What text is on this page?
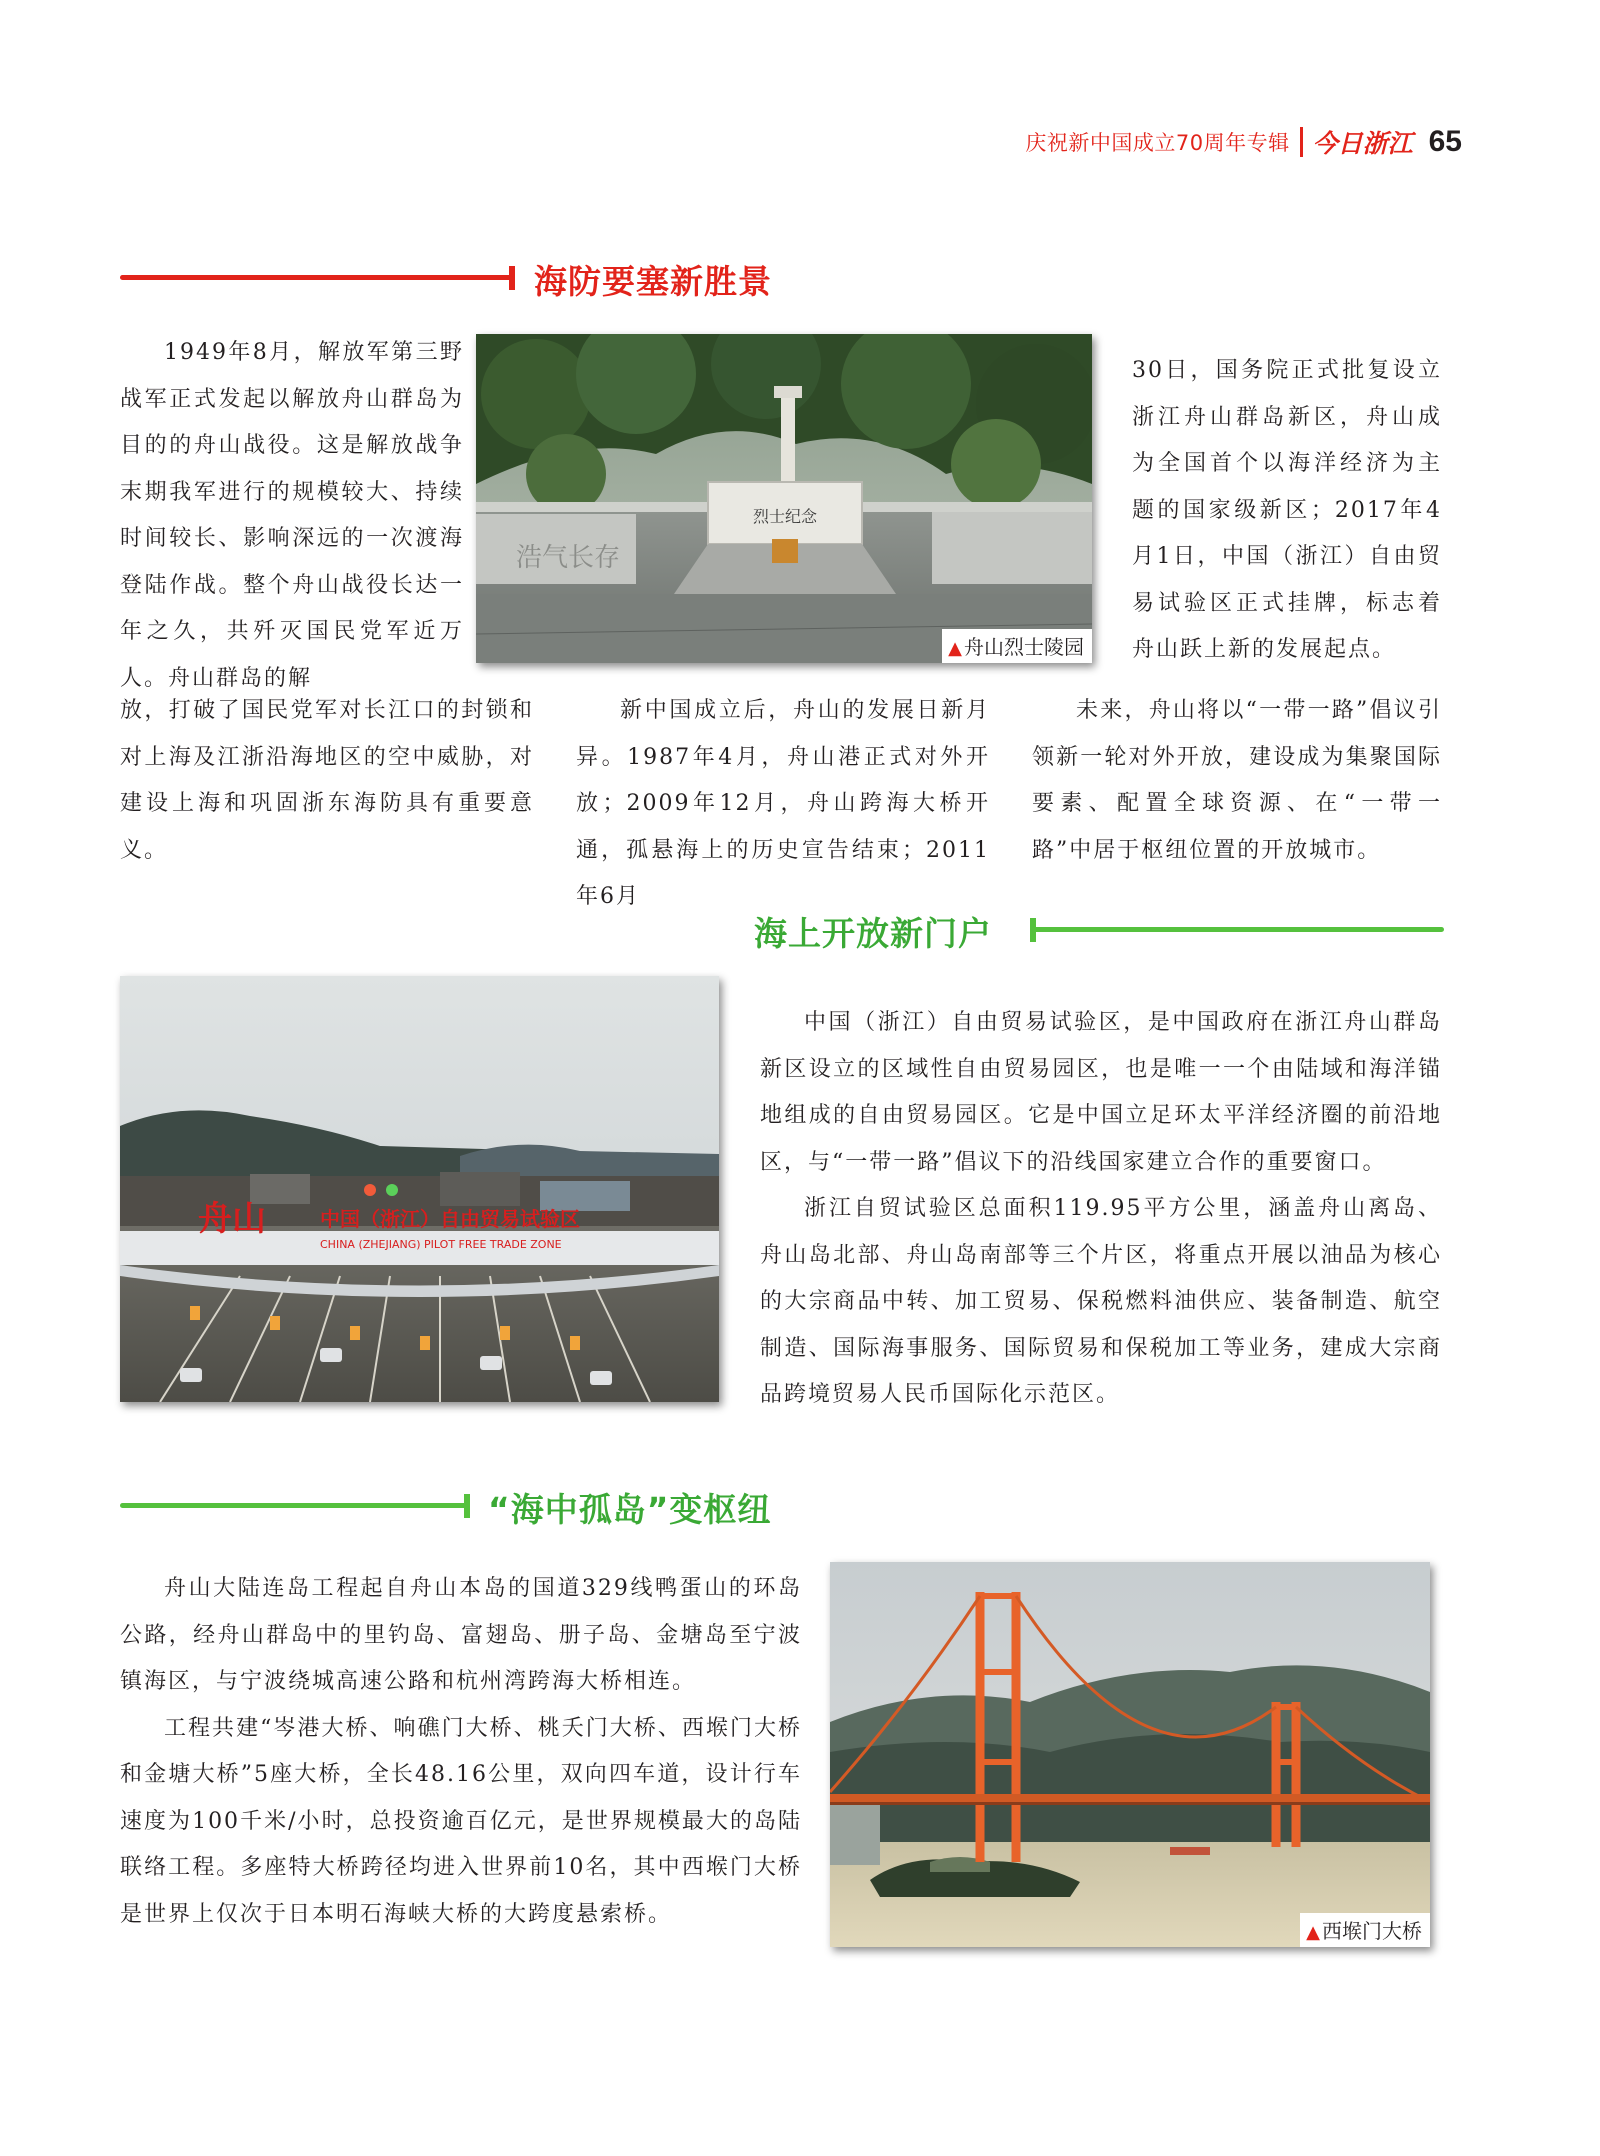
庆祝新中国成立70周年专辑 今日浙江 65
海防要塞新胜景

1949年8月，解放军第三野战军正式发起以解放舟山群岛为目的的舟山战役。这是解放战争末期我军进行的规模较大、持续时间较长、影响深远的一次渡海登陆作战。整个舟山战役长达一年之久，共歼灭国民党军近万人。舟山群岛的解

放，打破了国民党军对长江口的封锁和对上海及江浙沿海地区的空中威胁，对建设上海和巩固浙东海防具有重要意义。

浩气长存
烈士纪念
▲ 舟山烈士陵园

新中国成立后，舟山的发展日新月异。1987年4月，舟山港正式对外开放；2009年12月，舟山跨海大桥开通，孤悬海上的历史宣告结束；2011年6月

30日，国务院正式批复设立浙江舟山群岛新区，舟山成为全国首个以海洋经济为主题的国家级新区；2017年4月1日，中国（浙江）自由贸易试验区正式挂牌，标志着舟山跃上新的发展起点。

未来，舟山将以“一带一路”倡议引领新一轮对外开放，建设成为集聚国际要素、配置全球资源、在“一带一路”中居于枢纽位置的开放城市。

海上开放新门户
舟山	中国（浙江）自由贸易试验区
CHINA (ZHEJIANG) PILOT FREE TRADE ZONE

中国（浙江）自由贸易试验区，是中国政府在浙江舟山群岛新区设立的区域性自由贸易园区，也是唯一一个由陆域和海洋锚地组成的自由贸易园区。它是中国立足环太平洋经济圈的前沿地区，与“一带一路”倡议下的沿线国家建立合作的重要窗口。

浙江自贸试验区总面积119.95平方公里，涵盖舟山离岛、舟山岛北部、舟山岛南部等三个片区，将重点开展以油品为核心的大宗商品中转、加工贸易、保税燃料油供应、装备制造、航空制造、国际海事服务、国际贸易和保税加工等业务，建成大宗商品跨境贸易人民币国际化示范区。

“海中孤岛”变枢纽

舟山大陆连岛工程起自舟山本岛的国道329线鸭蛋山的环岛公路，经舟山群岛中的里钓岛、富翅岛、册子岛、金塘岛至宁波镇海区，与宁波绕城高速公路和杭州湾跨海大桥相连。

工程共建“岑港大桥、响礁门大桥、桃夭门大桥、西堠门大桥和金塘大桥”5座大桥，全长48.16公里，双向四车道，设计行车速度为100千米/小时，总投资逾百亿元，是世界规模最大的岛陆联络工程。多座特大桥跨径均进入世界前10名，其中西堠门大桥是世界上仅次于日本明石海峡大桥的大跨度悬索桥。

▲ 西堠门大桥
